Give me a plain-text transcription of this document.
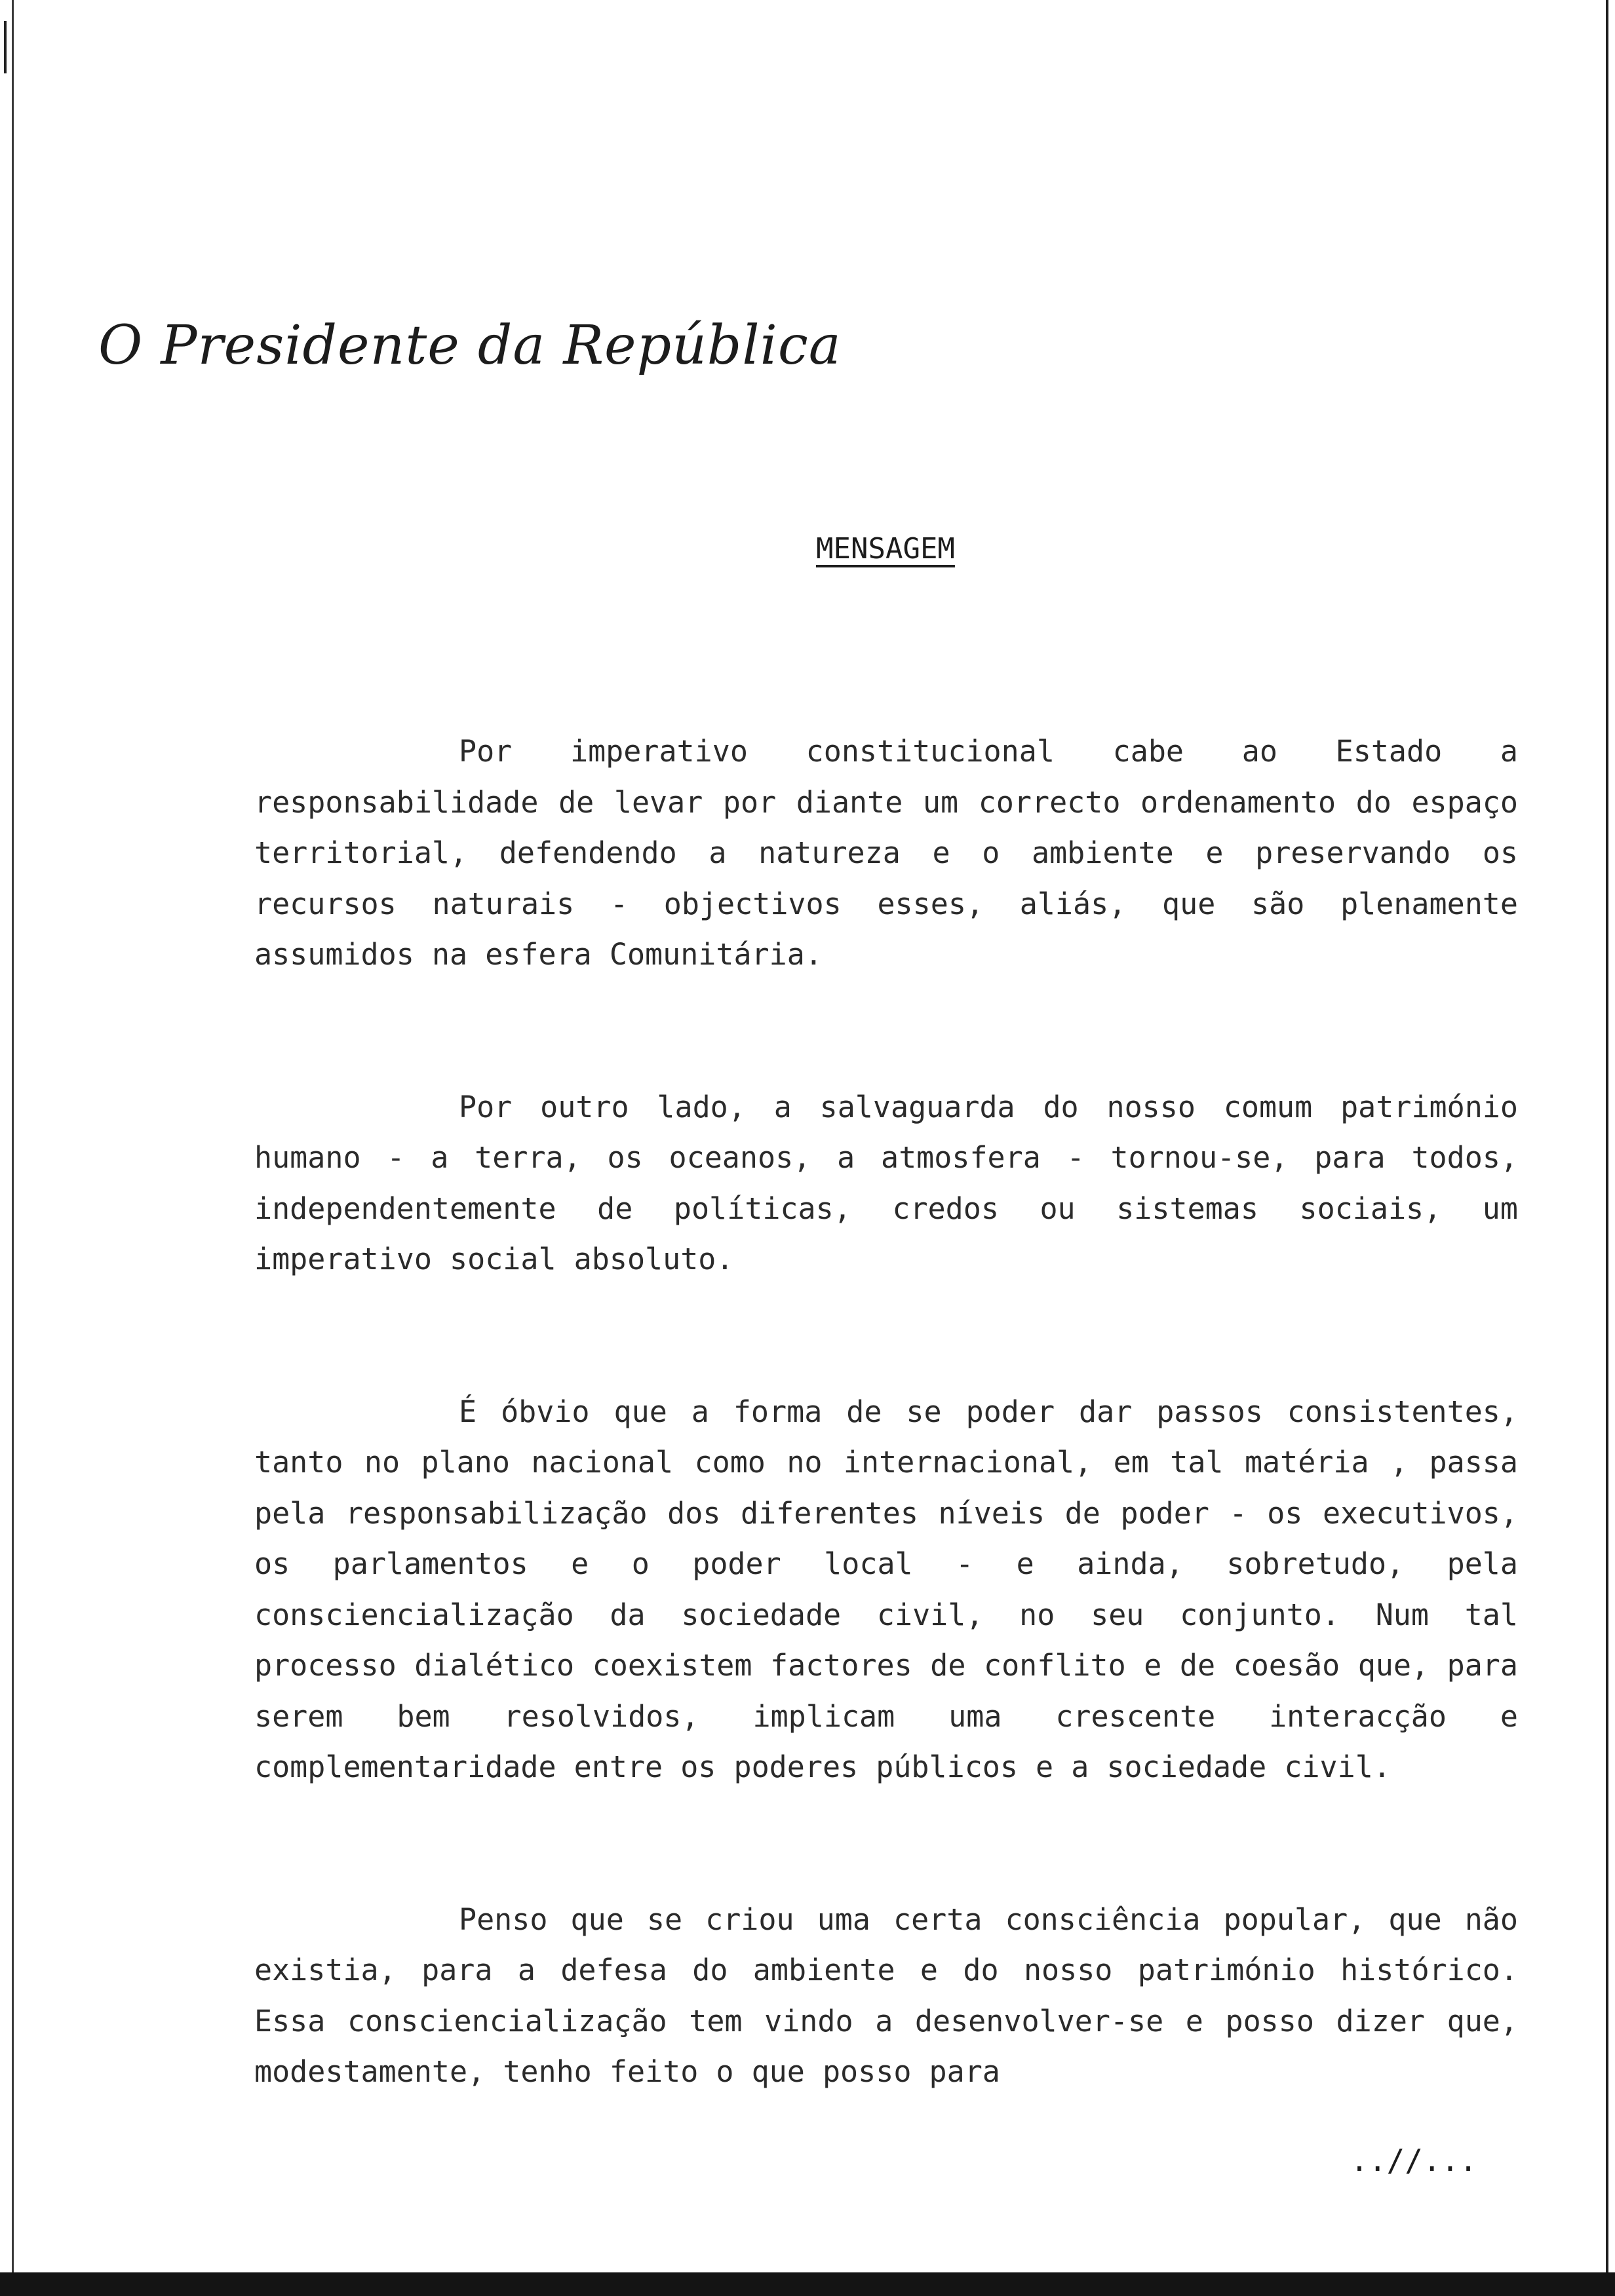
O Presidente da República
MENSAGEM

Por imperativo constitucional cabe ao Estado a responsabilidade de levar por diante um correcto ordenamento do espaço territorial, defendendo a natureza e o ambiente e preservando os recursos naturais - objectivos esses, aliás, que são plenamente assumidos na esfera Comunitária.

Por outro lado, a salvaguarda do nosso comum património humano - a terra, os oceanos, a atmosfera - tornou-se, para todos, independentemente de políticas, credos ou sistemas sociais, um imperativo social absoluto.

É óbvio que a forma de se poder dar passos consistentes, tanto no plano nacional como no internacional, em tal matéria , passa pela responsabilização dos diferentes níveis de poder - os executivos, os parlamentos e o poder local - e ainda, sobretudo, pela consciencialização da sociedade civil, no seu conjunto. Num tal processo dialético coexistem factores de conflito e de coesão que, para serem bem resolvidos, implicam uma crescente interacção e complementaridade entre os poderes públicos e a sociedade civil.

Penso que se criou uma certa consciência popular, que não existia, para a defesa do ambiente e do nosso património histórico. Essa consciencialização tem vindo a desenvolver-se e posso dizer que, modestamente, tenho feito o que posso para

..//...
